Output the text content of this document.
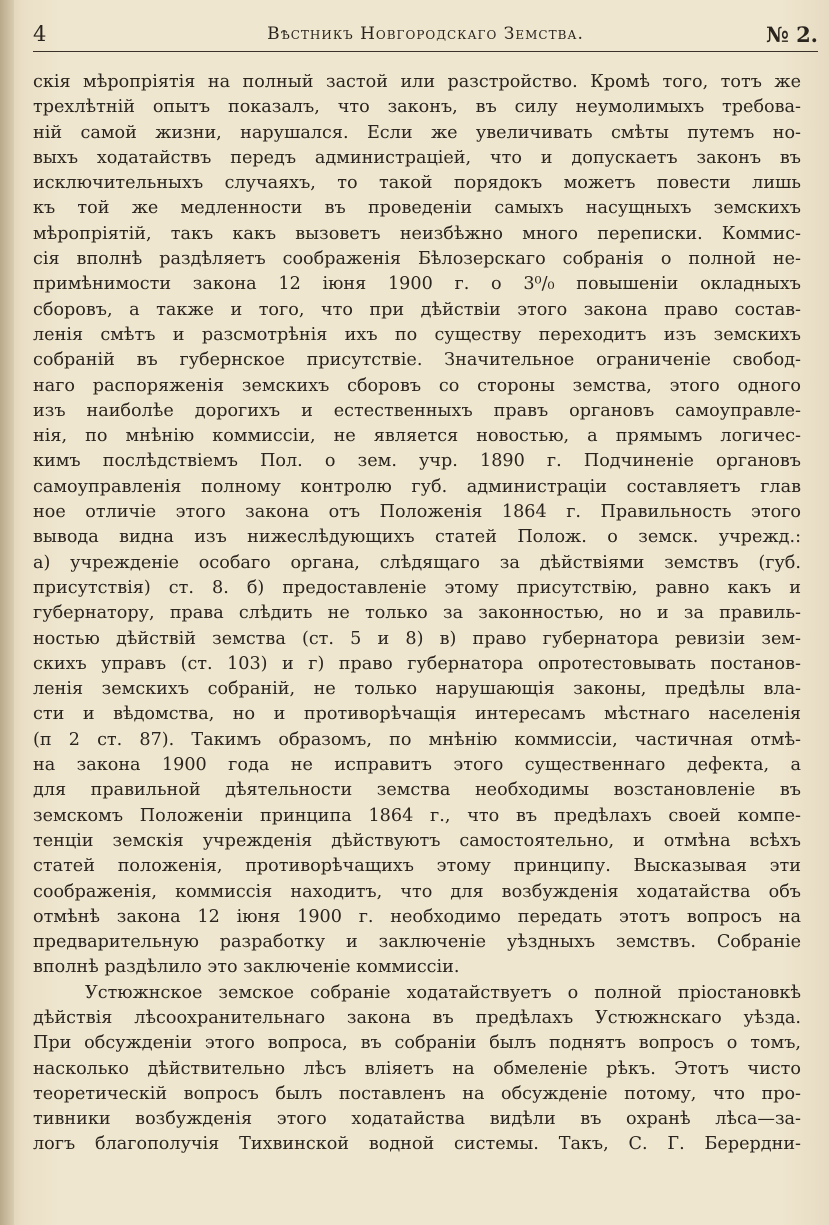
4	Вѣстникъ Новгородскаго Земства.	№ 2.
скія мѣропріятія на полный застой или разстройство. Кромѣ того, тотъ же
трехлѣтній опытъ показалъ, что законъ, въ силу неумолимыхъ требова-
ній самой жизни, нарушался. Если же увеличивать смѣты путемъ но-
выхъ ходатайствъ передъ администраціей, что и допускаетъ законъ въ
исключительныхъ случаяхъ, то такой порядокъ можетъ повести лишь
къ той же медленности въ проведеніи самыхъ насущныхъ земскихъ
мѣропріятій, такъ какъ вызоветъ неизбѣжно много переписки. Коммис-
сія вполнѣ раздѣляетъ соображенія Бѣлозерскаго собранія о полной не-
примѣнимости закона 12 іюня 1900 г. о 3⁰/₀ повышеніи окладныхъ
сборовъ, а также и того, что при дѣйствіи этого закона право состав-
ленія смѣтъ и разсмотрѣнія ихъ по существу переходитъ изъ земскихъ
собраній въ губернское присутствіе. Значительное ограниченіе свобод-
наго распоряженія земскихъ сборовъ со стороны земства, этого одного
изъ наиболѣе дорогихъ и естественныхъ правъ органовъ самоуправле-
нія, по мнѣнію коммиссіи, не является новостью, а прямымъ логичес-
кимъ послѣдствіемъ Пол. о зем. учр. 1890 г. Подчиненіе органовъ
самоуправленія полному контролю губ. администраціи составляетъ глав
ное отличіе этого закона отъ Положенія 1864 г. Правильность этого
вывода видна изъ нижеслѣдующихъ статей Полож. о земск. учрежд.:
а) учрежденіе особаго органа, слѣдящаго за дѣйствіями земствъ (губ.
присутствія) ст. 8. б) предоставленіе этому присутствію, равно какъ и
губернатору, права слѣдить не только за законностью, но и за правиль-
ностью дѣйствій земства (ст. 5 и 8) в) право губернатора ревизіи зем-
скихъ управъ (ст. 103) и г) право губернатора опротестовывать постанов-
ленія земскихъ собраній, не только нарушающія законы, предѣлы вла-
сти и вѣдомства, но и противорѣчащія интересамъ мѣстнаго населенія
(п 2 ст. 87). Такимъ образомъ, по мнѣнію коммиссіи, частичная отмѣ-
на закона 1900 года не исправитъ этого существеннаго дефекта, а
для правильной дѣятельности земства необходимы возстановленіе въ
земскомъ Положеніи принципа 1864 г., что въ предѣлахъ своей компе-
тенціи земскія учрежденія дѣйствуютъ самостоятельно, и отмѣна всѣхъ
статей положенія, противорѣчащихъ этому принципу. Высказывая эти
соображенія, коммиссія находитъ, что для возбужденія ходатайства объ
отмѣнѣ закона 12 іюня 1900 г. необходимо передать этотъ вопросъ на
предварительную разработку и заключеніе уѣздныхъ земствъ. Собраніе
вполнѣ раздѣлило это заключеніе коммиссіи.
Устюжнское земское собраніе ходатайствуетъ о полной пріостановкѣ
дѣйствія лѣсоохранительнаго закона въ предѣлахъ Устюжнскаго уѣзда.
При обсужденіи этого вопроса, въ собраніи былъ поднятъ вопросъ о томъ,
насколько дѣйствительно лѣсъ вліяетъ на обмеленіе рѣкъ. Этотъ чисто
теоретическій вопросъ былъ поставленъ на обсужденіе потому, что про-
тивники возбужденія этого ходатайства видѣли въ охранѣ лѣса—за-
логъ благополучія Тихвинской водной системы. Такъ, С. Г. Берердни-
